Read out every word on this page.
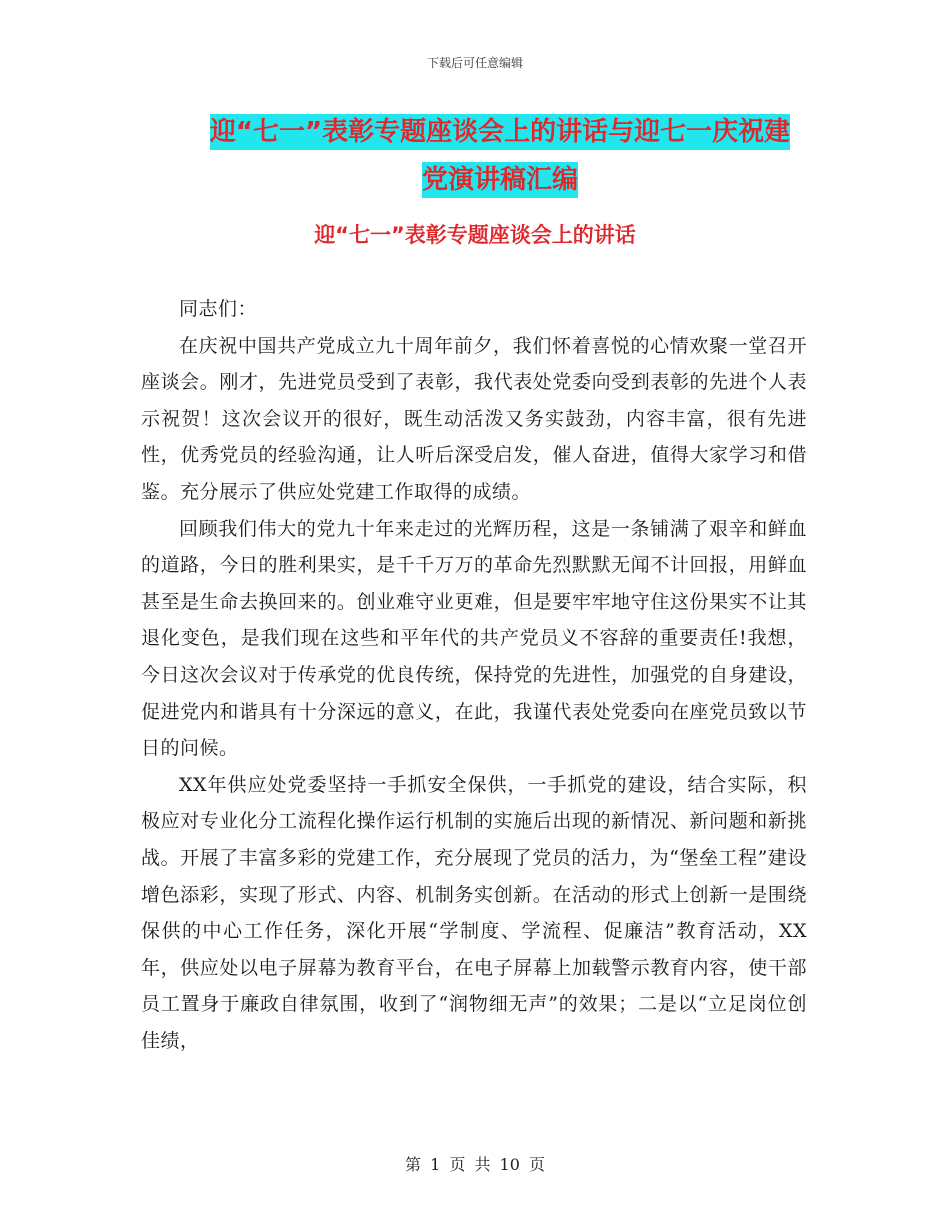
下载后可任意编辑
迎“七一”表彰专题座谈会上的讲话与迎七一庆祝建
党演讲稿汇编
迎“七一”表彰专题座谈会上的讲话

同志们：

在庆祝中国共产党成立九十周年前夕，我们怀着喜悦的心情欢聚一堂召开座谈会。刚才，先进党员受到了表彰，我代表处党委向受到表彰的先进个人表示祝贺！这次会议开的很好，既生动活泼又务实鼓劲，内容丰富，很有先进性，优秀党员的经验沟通，让人听后深受启发，催人奋进，值得大家学习和借鉴。充分展示了供应处党建工作取得的成绩。

回顾我们伟大的党九十年来走过的光辉历程，这是一条铺满了艰辛和鲜血的道路，今日的胜利果实，是千千万万的革命先烈默默无闻不计回报，用鲜血甚至是生命去换回来的。创业难守业更难，但是要牢牢地守住这份果实不让其退化变色，是我们现在这些和平年代的共产党员义不容辞的重要责任!我想，今日这次会议对于传承党的优良传统，保持党的先进性，加强党的自身建设，促进党内和谐具有十分深远的意义，在此，我谨代表处党委向在座党员致以节日的问候。

XX年供应处党委坚持一手抓安全保供，一手抓党的建设，结合实际，积极应对专业化分工流程化操作运行机制的实施后出现的新情况、新问题和新挑战。开展了丰富多彩的党建工作，充分展现了党员的活力，为“堡垒工程”建设增色添彩，实现了形式、内容、机制务实创新。在活动的形式上创新一是围绕保供的中心工作任务，深化开展“学制度、学流程、促廉洁”教育活动，XX年，供应处以电子屏幕为教育平台，在电子屏幕上加载警示教育内容，使干部员工置身于廉政自律氛围，收到了“润物细无声”的效果；二是以“立足岗位创佳绩，

第 1 页 共 10 页
